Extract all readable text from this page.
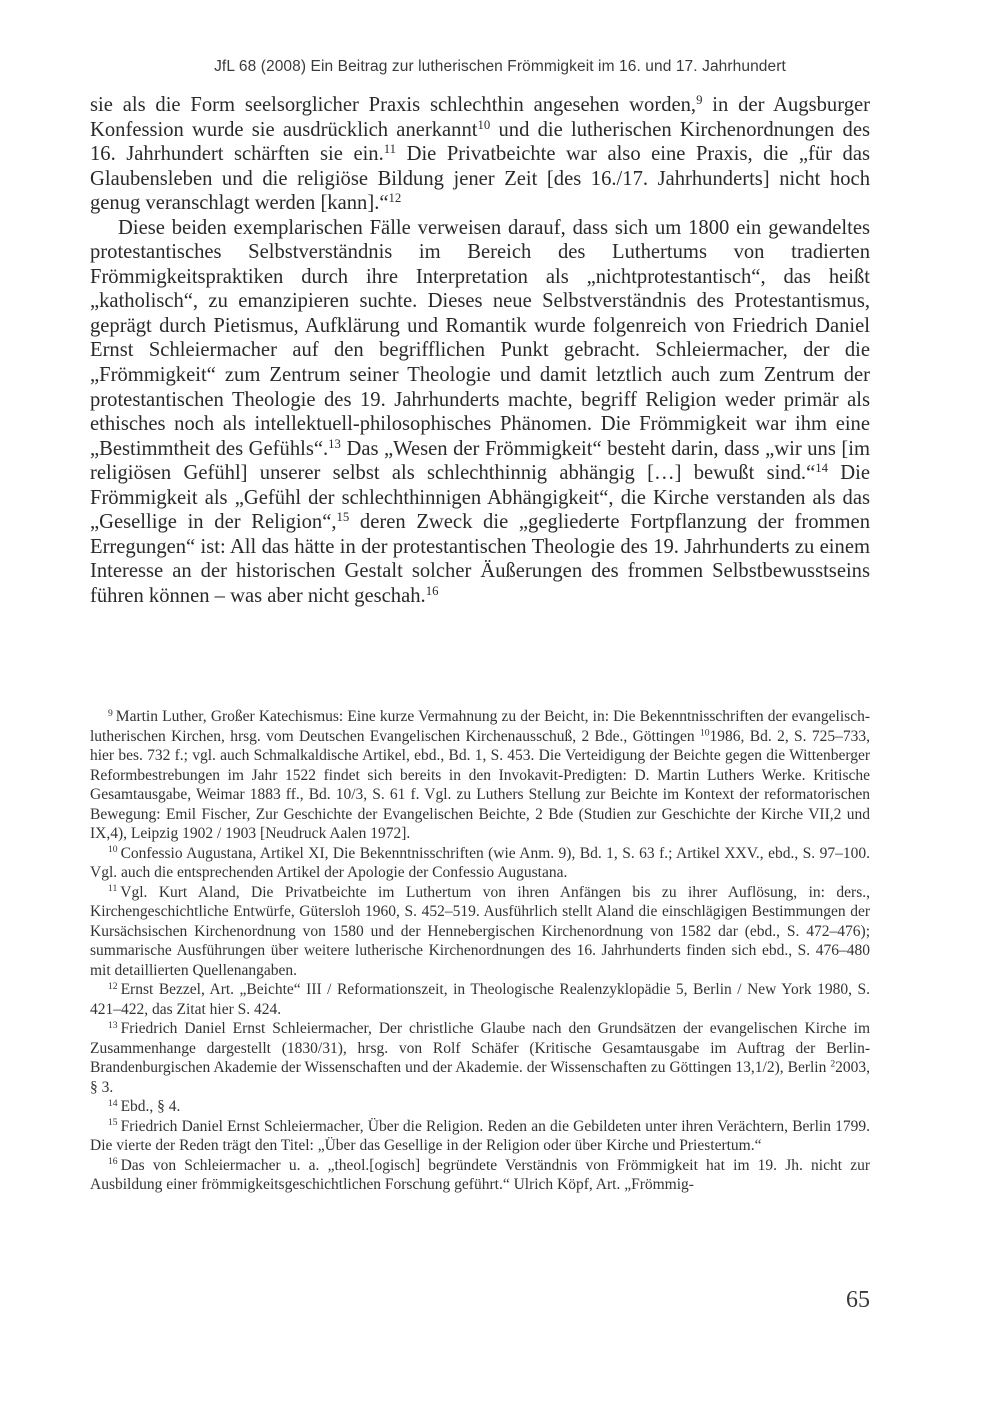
JfL 68 (2008) Ein Beitrag zur lutherischen Frömmigkeit im 16. und 17. Jahrhundert

sie als die Form seelsorglicher Praxis schlechthin angesehen worden,$^9$ in der Augsburger Konfession wurde sie ausdrücklich anerkannt$^{10}$ und die lutherischen Kirchenordnungen des 16. Jahrhundert schärften sie ein.$^{11}$ Die Privatbeichte war also eine Praxis, die „für das Glaubensleben und die religiöse Bildung jener Zeit [des 16./17. Jahrhunderts] nicht hoch genug veranschlagt werden [kann].“$^{12}$

Diese beiden exemplarischen Fälle verweisen darauf, dass sich um 1800 ein gewandeltes protestantisches Selbstverständnis im Bereich des Luthertums von tradierten Frömmigkeitspraktiken durch ihre Interpretation als „nichtprotestantisch“, das heißt „katholisch“, zu emanzipieren suchte. Dieses neue Selbstverständnis des Protestantismus, geprägt durch Pietismus, Aufklärung und Romantik wurde folgenreich von Friedrich Daniel Ernst Schleiermacher auf den begrifflichen Punkt gebracht. Schleiermacher, der die „Frömmigkeit“ zum Zentrum seiner Theologie und damit letztlich auch zum Zentrum der protestantischen Theologie des 19. Jahrhunderts machte, begriff Religion weder primär als ethisches noch als intellektuell-philosophisches Phänomen. Die Frömmigkeit war ihm eine „Bestimmtheit des Gefühls“.$^{13}$ Das „Wesen der Frömmigkeit“ besteht darin, dass „wir uns [im religiösen Gefühl] unserer selbst als schlechthinnig abhängig […] bewußt sind.“$^{14}$ Die Frömmigkeit als „Gefühl der schlechthinnigen Abhängigkeit“, die Kirche verstanden als das „Gesellige in der Religion“,$^{15}$ deren Zweck die „gegliederte Fortpflanzung der frommen Erregungen“ ist: All das hätte in der protestantischen Theologie des 19. Jahrhunderts zu einem Interesse an der historischen Gestalt solcher Äußerungen des frommen Selbstbewusstseins führen können – was aber nicht geschah.$^{16}$

$^9$ Martin Luther, Großer Katechismus: Eine kurze Vermahnung zu der Beicht, in: Die Bekenntnisschriften der evangelisch-lutherischen Kirchen, hrsg. vom Deutschen Evangelischen Kirchenausschuß, 2 Bde., Göttingen $^{10}$1986, Bd. 2, S. 725–733, hier bes. 732 f.; vgl. auch Schmalkaldische Artikel, ebd., Bd. 1, S. 453. Die Verteidigung der Beichte gegen die Wittenberger Reformbestrebungen im Jahr 1522 findet sich bereits in den Invokavit-Predigten: D. Martin Luthers Werke. Kritische Gesamtausgabe, Weimar 1883 ff., Bd. 10/3, S. 61 f. Vgl. zu Luthers Stellung zur Beichte im Kontext der reformatorischen Bewegung: Emil Fischer, Zur Geschichte der Evangelischen Beichte, 2 Bde (Studien zur Geschichte der Kirche VII,2 und IX,4), Leipzig 1902 / 1903 [Neudruck Aalen 1972].

$^{10}$ Confessio Augustana, Artikel XI, Die Bekenntnisschriften (wie Anm. 9), Bd. 1, S. 63 f.; Artikel XXV., ebd., S. 97–100. Vgl. auch die entsprechenden Artikel der Apologie der Confessio Augustana.

$^{11}$ Vgl. Kurt Aland, Die Privatbeichte im Luthertum von ihren Anfängen bis zu ihrer Auflösung, in: ders., Kirchengeschichtliche Entwürfe, Gütersloh 1960, S. 452–519. Ausführlich stellt Aland die einschlägigen Bestimmungen der Kursächsischen Kirchenordnung von 1580 und der Hennebergischen Kirchenordnung von 1582 dar (ebd., S. 472–476); summarische Ausführungen über weitere lutherische Kirchenordnungen des 16. Jahrhunderts finden sich ebd., S. 476–480 mit detaillierten Quellenangaben.

$^{12}$ Ernst Bezzel, Art. „Beichte“ III / Reformationszeit, in Theologische Realenzyklopädie 5, Berlin / New York 1980, S. 421–422, das Zitat hier S. 424.

$^{13}$ Friedrich Daniel Ernst Schleiermacher, Der christliche Glaube nach den Grundsätzen der evangelischen Kirche im Zusammenhange dargestellt (1830/31), hrsg. von Rolf Schäfer (Kritische Gesamtausgabe im Auftrag der Berlin-Brandenburgischen Akademie der Wissenschaften und der Akademie. der Wissenschaften zu Göttingen 13,1/2), Berlin $^2$2003, § 3.

$^{14}$ Ebd., § 4.

$^{15}$ Friedrich Daniel Ernst Schleiermacher, Über die Religion. Reden an die Gebildeten unter ihren Verächtern, Berlin 1799. Die vierte der Reden trägt den Titel: „Über das Gesellige in der Religion oder über Kirche und Priestertum.“

$^{16}$ Das von Schleiermacher u. a. „theol.[ogisch] begründete Verständnis von Frömmigkeit hat im 19. Jh. nicht zur Ausbildung einer frömmigkeitsgeschichtlichen Forschung geführt.“ Ulrich Köpf, Art. „Frömmig-

65
